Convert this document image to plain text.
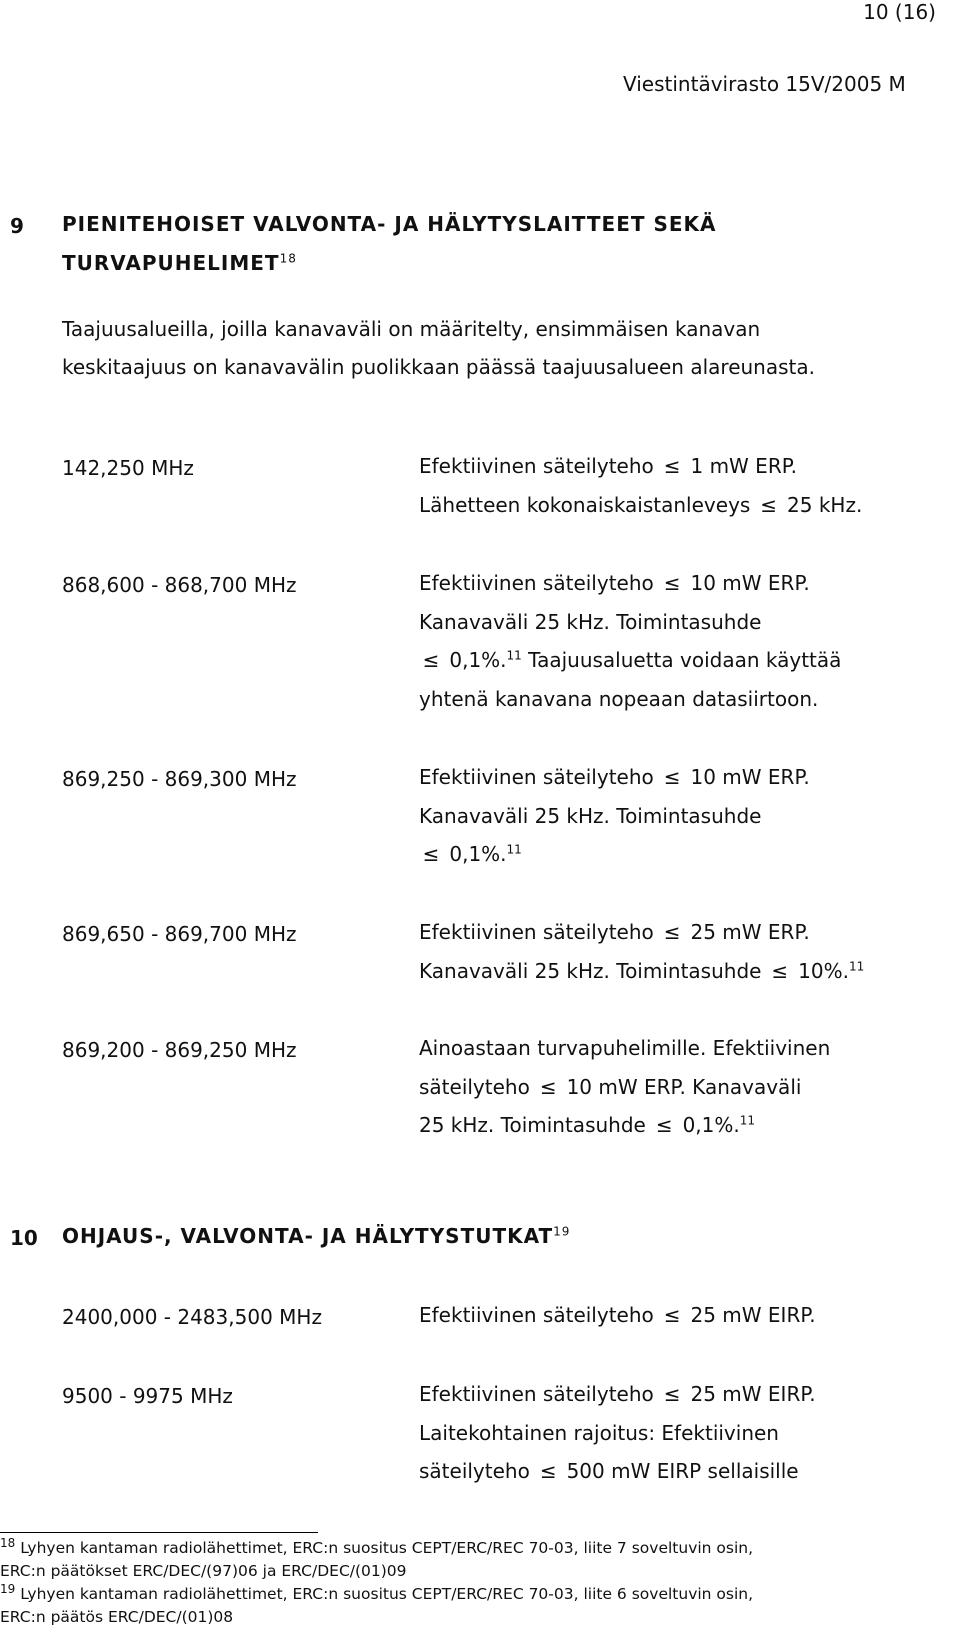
10 (16)
Viestintävirasto 15V/2005 M
9 PIENITEHOISET VALVONTA- JA HÄLYTYSLAITTEET SEKÄ
TURVAPUHELIMET$^{18}$
Taajuusalueilla, joilla kanavaväli on määritelty, ensimmäisen kanavan
keskitaajuus on kanavavälin puolikkaan päässä taajuusalueen alareunasta.
142,250 MHz	Efektiivinen säteilyteho ≤ 1 mW ERP.
Lähetteen kokonaiskaistanleveys ≤ 25 kHz.
868,600 - 868,700 MHz	Efektiivinen säteilyteho ≤ 10 mW ERP.
Kanavaväli 25 kHz. Toimintasuhde
≤ 0,1%.$^{11}$ Taajuusaluetta voidaan käyttää
yhtenä kanavana nopeaan datasiirtoon.
869,250 - 869,300 MHz	Efektiivinen säteilyteho ≤ 10 mW ERP.
Kanavaväli 25 kHz. Toimintasuhde
≤ 0,1%.$^{11}$
869,650 - 869,700 MHz	Efektiivinen säteilyteho ≤ 25 mW ERP.
Kanavaväli 25 kHz. Toimintasuhde ≤ 10%.$^{11}$
869,200 - 869,250 MHz	Ainoastaan turvapuhelimille. Efektiivinen
säteilyteho ≤ 10 mW ERP. Kanavaväli
25 kHz. Toimintasuhde ≤ 0,1%.$^{11}$
10 OHJAUS-, VALVONTA- JA HÄLYTYSTUTKAT$^{19}$
2400,000 - 2483,500 MHz	Efektiivinen säteilyteho ≤ 25 mW EIRP.
9500 - 9975 MHz	Efektiivinen säteilyteho ≤ 25 mW EIRP.
Laitekohtainen rajoitus: Efektiivinen
säteilyteho ≤ 500 mW EIRP sellaisille
$^{18}$ Lyhyen kantaman radiolähettimet, ERC:n suositus CEPT/ERC/REC 70-03, liite 7 soveltuvin osin,
ERC:n päätökset ERC/DEC/(97)06 ja ERC/DEC/(01)09
$^{19}$ Lyhyen kantaman radiolähettimet, ERC:n suositus CEPT/ERC/REC 70-03, liite 6 soveltuvin osin,
ERC:n päätös ERC/DEC/(01)08
